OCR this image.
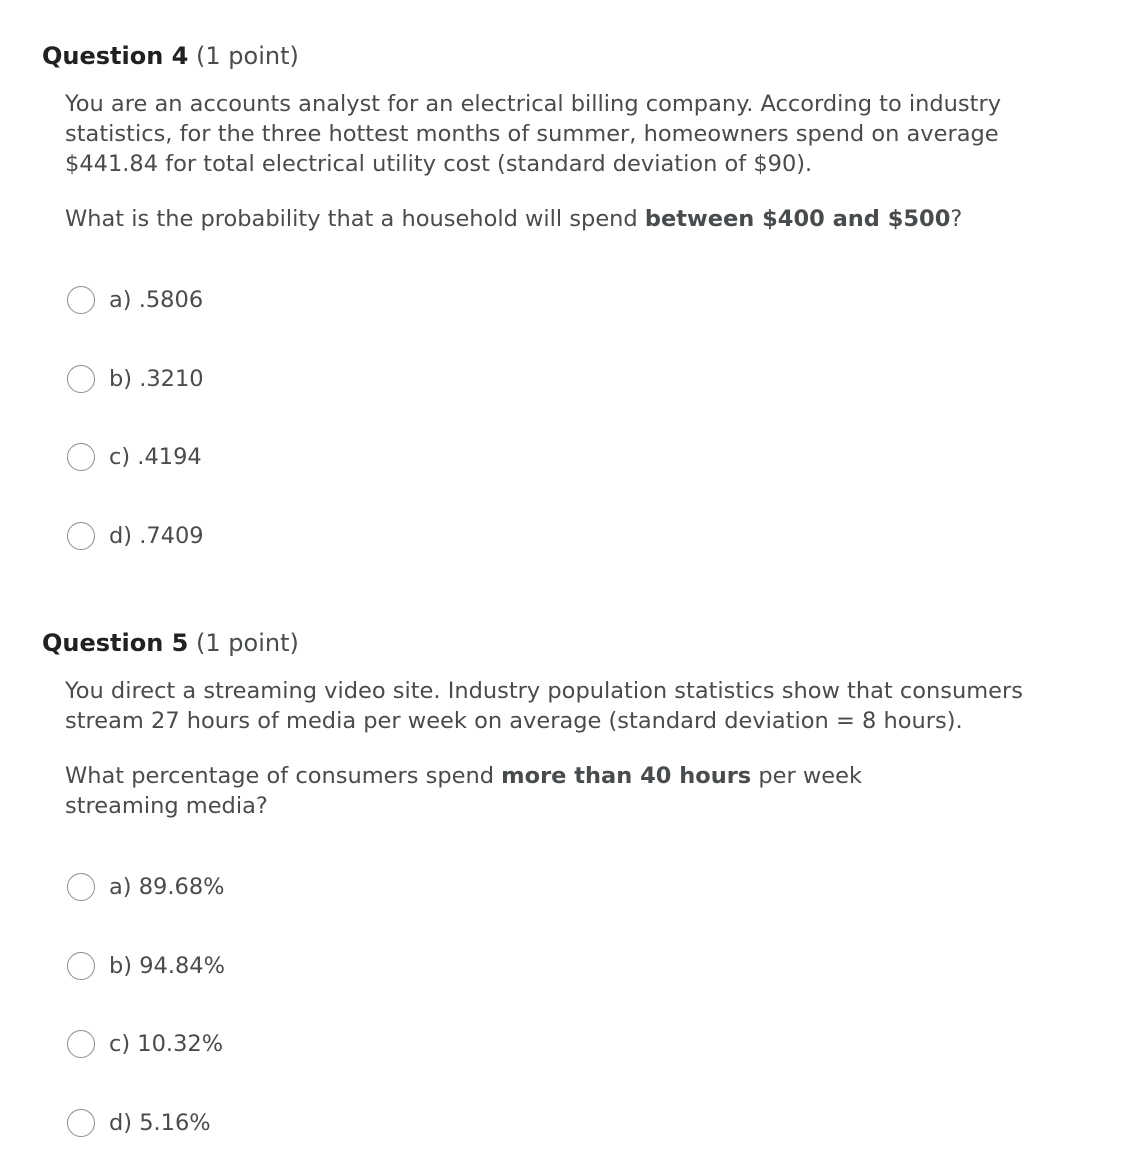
Question 4 (1 point)

You are an accounts analyst for an electrical billing company. According to industry statistics, for the three hottest months of summer, homeowners spend on average $441.84 for total electrical utility cost (standard deviation of $90).

What is the probability that a household will spend between $400 and $500?

a) .5806
b) .3210
c) .4194
d) .7409
Question 5 (1 point)

You direct a streaming video site. Industry population statistics show that consumers stream 27 hours of media per week on average (standard deviation = 8 hours).

What percentage of consumers spend more than 40 hours per week streaming media?

a) 89.68%
b) 94.84%
c) 10.32%
d) 5.16%
